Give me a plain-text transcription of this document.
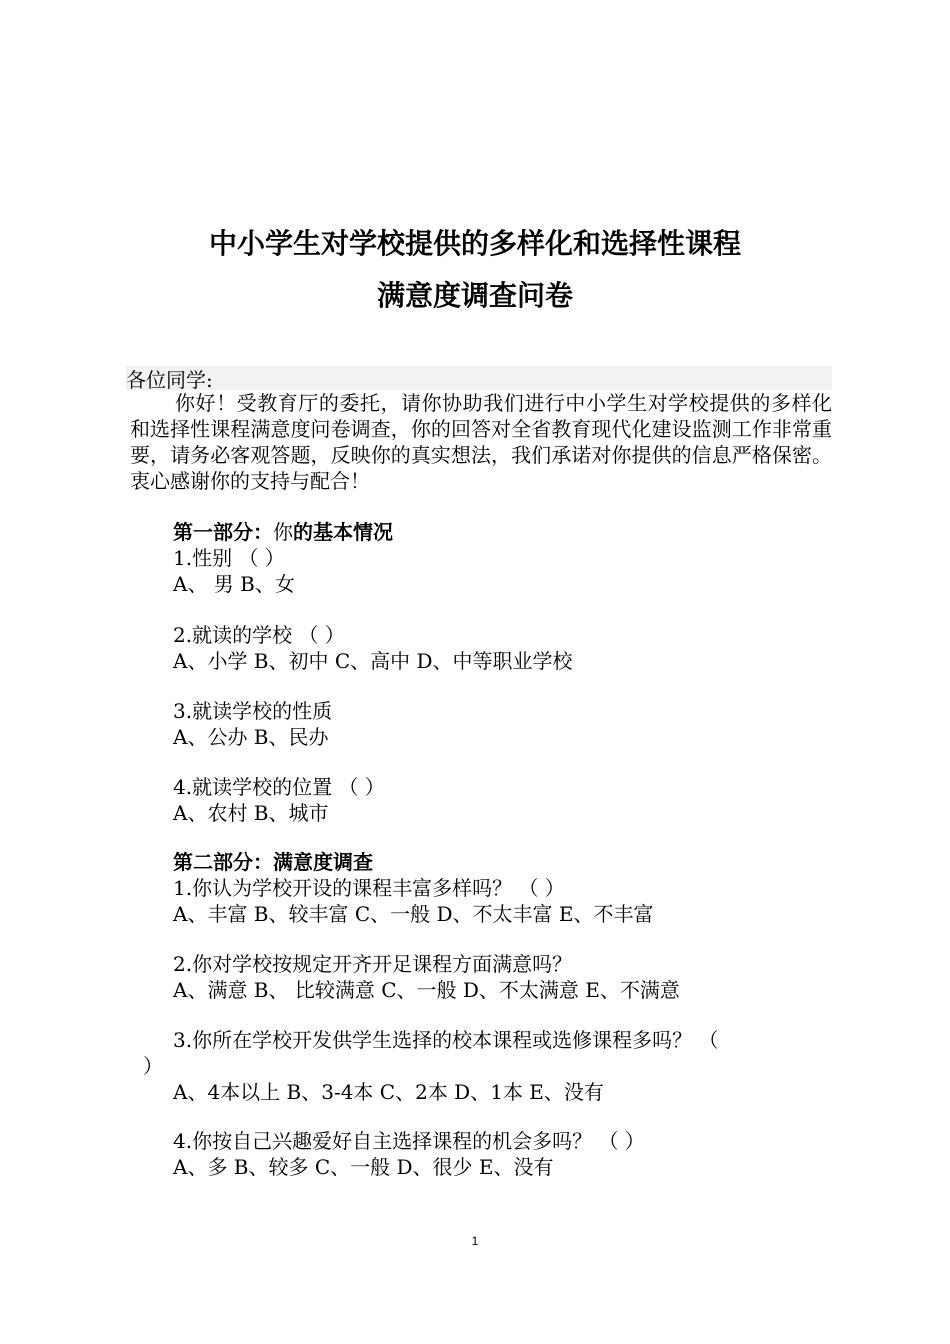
中小学生对学校提供的多样化和选择性课程
满意度调查问卷
各位同学:
你好！受教育厅的委托，请你协助我们进行中小学生对学校提供的多样化和选择性课程满意度问卷调查，你的回答对全省教育现代化建设监测工作非常重要，请务必客观答题，反映你的真实想法，我们承诺对你提供的信息严格保密。衷心感谢你的支持与配合！
第一部分：你的基本情况
1.性别 （ ）
A、 男 B、女
2.就读的学校 （ ）
A、小学 B、初中 C、高中 D、中等职业学校
3.就读学校的性质
A、公办 B、民办
4.就读学校的位置 （ ）
A、农村 B、城市
第二部分：满意度调查
1.你认为学校开设的课程丰富多样吗？ （ ）
A、丰富 B、较丰富 C、一般 D、不太丰富 E、不丰富
2.你对学校按规定开齐开足课程方面满意吗？
A、满意 B、 比较满意 C、一般 D、不太满意 E、不满意
3.你所在学校开发供学生选择的校本课程或选修课程多吗？ （
）
A、4本以上 B、3-4本 C、2本 D、1本 E、没有
4.你按自己兴趣爱好自主选择课程的机会多吗？ （ ）
A、多 B、较多 C、一般 D、很少 E、没有
1
